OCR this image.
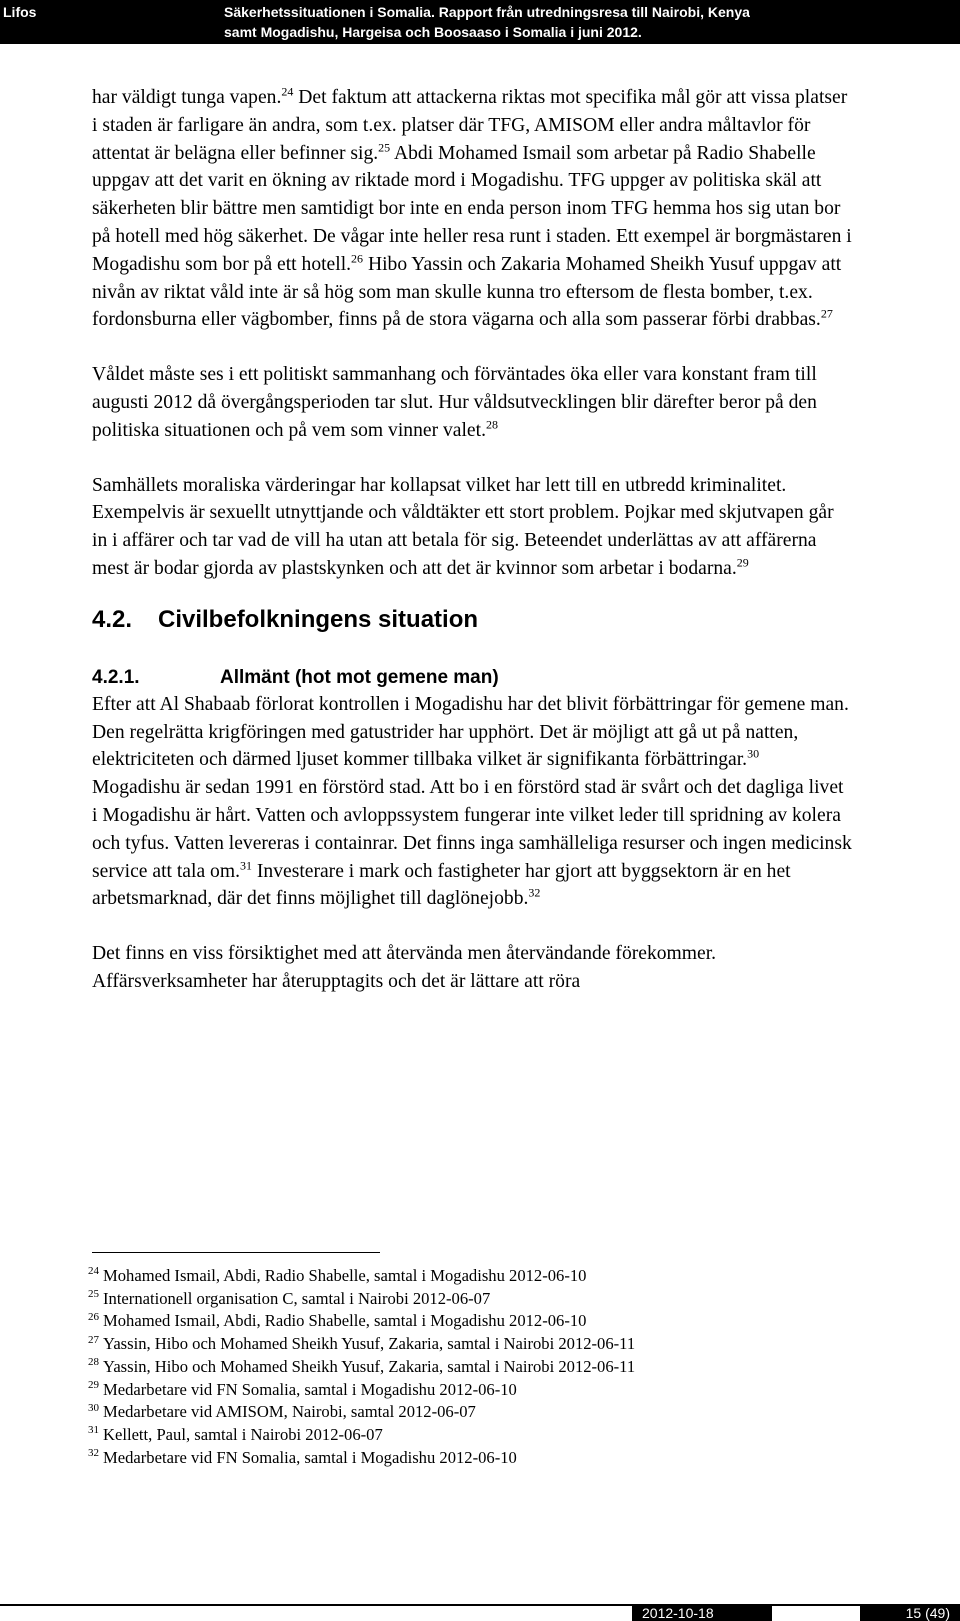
Lifos	Säkerhetssituationen i Somalia. Rapport från utredningsresa till Nairobi, Kenya
samt Mogadishu, Hargeisa och Boosaaso i Somalia i juni 2012.

har väldigt tunga vapen.$^{24}$ Det faktum att attackerna riktas mot specifika mål gör att vissa platser i staden är farligare än andra, som t.ex. platser där TFG, AMISOM eller andra måltavlor för attentat är belägna eller befinner sig.$^{25}$ Abdi Mohamed Ismail som arbetar på Radio Shabelle uppgav att det varit en ökning av riktade mord i Mogadishu. TFG uppger av politiska skäl att säkerheten blir bättre men samtidigt bor inte en enda person inom TFG hemma hos sig utan bor på hotell med hög säkerhet. De vågar inte heller resa runt i staden. Ett exempel är borgmästaren i Mogadishu som bor på ett hotell.$^{26}$ Hibo Yassin och Zakaria Mohamed Sheikh Yusuf uppgav att nivån av riktat våld inte är så hög som man skulle kunna tro eftersom de flesta bomber, t.ex. fordonsburna eller vägbomber, finns på de stora vägarna och alla som passerar förbi drabbas.$^{27}$

Våldet måste ses i ett politiskt sammanhang och förväntades öka eller vara konstant fram till augusti 2012 då övergångsperioden tar slut. Hur våldsutvecklingen blir därefter beror på den politiska situationen och på vem som vinner valet.$^{28}$

Samhällets moraliska värderingar har kollapsat vilket har lett till en utbredd kriminalitet. Exempelvis är sexuellt utnyttjande och våldtäkter ett stort problem. Pojkar med skjutvapen går in i affärer och tar vad de vill ha utan att betala för sig. Beteendet underlättas av att affärerna mest är bodar gjorda av plastskynken och att det är kvinnor som arbetar i bodarna.$^{29}$

4.2. Civilbefolkningens situation
4.2.1.	Allmänt (hot mot gemene man)

Efter att Al Shabaab förlorat kontrollen i Mogadishu har det blivit förbättringar för gemene man. Den regelrätta krigföringen med gatustrider har upphört. Det är möjligt att gå ut på natten, elektriciteten och därmed ljuset kommer tillbaka vilket är signifikanta förbättringar.$^{30}$ Mogadishu är sedan 1991 en förstörd stad. Att bo i en förstörd stad är svårt och det dagliga livet i Mogadishu är hårt. Vatten och avloppssystem fungerar inte vilket leder till spridning av kolera och tyfus. Vatten levereras i containrar. Det finns inga samhälleliga resurser och ingen medicinsk service att tala om.$^{31}$ Investerare i mark och fastigheter har gjort att byggsektorn är en het arbetsmarknad, där det finns möjlighet till daglönejobb.$^{32}$

Det finns en viss försiktighet med att återvända men återvändande förekommer. Affärsverksamheter har återupptagits och det är lättare att röra

$^{24}$ Mohamed Ismail, Abdi, Radio Shabelle, samtal i Mogadishu 2012-06-10

$^{25}$ Internationell organisation C, samtal i Nairobi 2012-06-07

$^{26}$ Mohamed Ismail, Abdi, Radio Shabelle, samtal i Mogadishu 2012-06-10

$^{27}$ Yassin, Hibo och Mohamed Sheikh Yusuf, Zakaria, samtal i Nairobi 2012-06-11

$^{28}$ Yassin, Hibo och Mohamed Sheikh Yusuf, Zakaria, samtal i Nairobi 2012-06-11

$^{29}$ Medarbetare vid FN Somalia, samtal i Mogadishu 2012-06-10

$^{30}$ Medarbetare vid AMISOM, Nairobi, samtal 2012-06-07

$^{31}$ Kellett, Paul, samtal i Nairobi 2012-06-07

$^{32}$ Medarbetare vid FN Somalia, samtal i Mogadishu 2012-06-10

2012-10-18	15 (49)
